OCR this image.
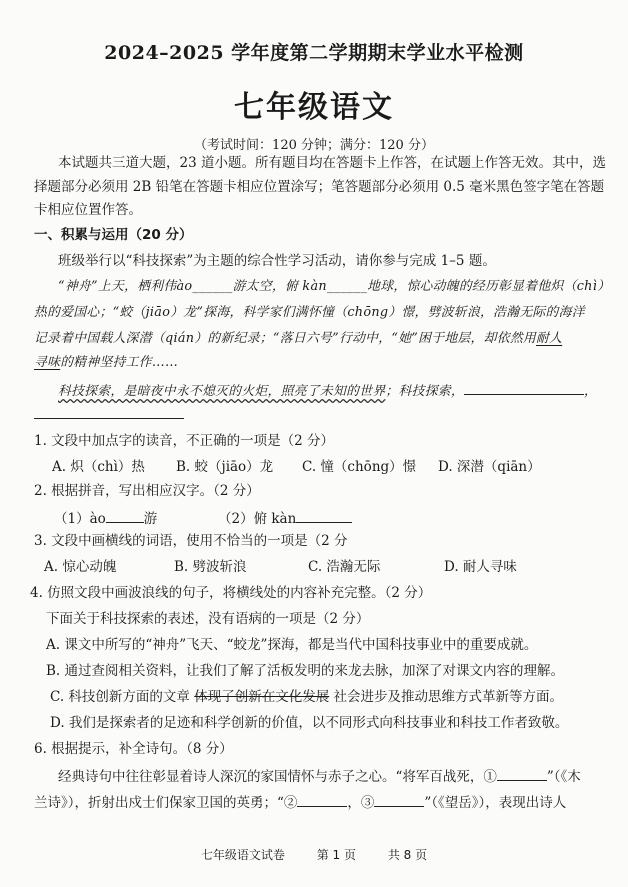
2024–2025 学年度第二学期期末学业水平检测
七年级语文
（考试时间：120 分钟；满分：120 分）
本试题共三道大题，23 道小题。所有题目均在答题卡上作答，在试题上作答无效。其中，选
择题部分必须用 2B 铅笔在答题卡相应位置涂写；笔答题部分必须用 0.5 毫米黑色签字笔在答题
卡相应位置作答。
一、积累与运用（20 分）
班级举行以“科技探索”为主题的综合性学习活动，请你参与完成 1–5 题。
“神舟”上天，栖利伟ào______游太空，俯 kàn______地球，惊心动魄的经历彰显着他炽（chì）
热的爱国心；“蛟（jiāo）龙”探海，科学家们满怀憧（chōng）憬，劈波斩浪，浩瀚无际的海洋
记录着中国载人深潜（qián）的新纪录；“落日六号”行动中，“她”困于地层，却依然用耐人
寻味的精神坚持工作……
科技探索，是暗夜中永不熄灭的火炬，照亮了未知的世界；科技探索，	，
1. 文段中加点字的读音，不正确的一项是（2 分）
A. 炽（chì）热 B. 蛟（jiāo）龙 C. 憧（chōng）憬 D. 深潜（qiān）
2. 根据拼音，写出相应汉字。（2 分）
（1）ào	游	（2）俯 kàn
3. 文段中画横线的词语，使用不恰当的一项是（2 分
A. 惊心动魄	B. 劈波斩浪	C. 浩瀚无际	D. 耐人寻味
4. 仿照文段中画波浪线的句子，将横线处的内容补充完整。（2 分）
下面关于科技探索的表述，没有语病的一项是（2 分）
A. 课文中所写的“神舟”飞天、“蛟龙”探海，都是当代中国科技事业中的重要成就。
B. 通过查阅相关资料，让我们了解了活板发明的来龙去脉，加深了对课文内容的理解。
C. 科技创新方面的文章 体现了创新在文化发展 社会进步及推动思维方式革新等方面。
D. 我们是探索者的足迹和科学创新的价值，以不同形式向科技事业和科技工作者致敬。
6. 根据提示，补全诗句。（8 分）
经典诗句中往往彰显着诗人深沉的家国情怀与赤子之心。“将军百战死，①	”（《木
兰诗》），折射出戍士们保家卫国的英勇；“②	，③	”（《望岳》），表现出诗人
七年级语文试卷	第 1 页	共 8 页
